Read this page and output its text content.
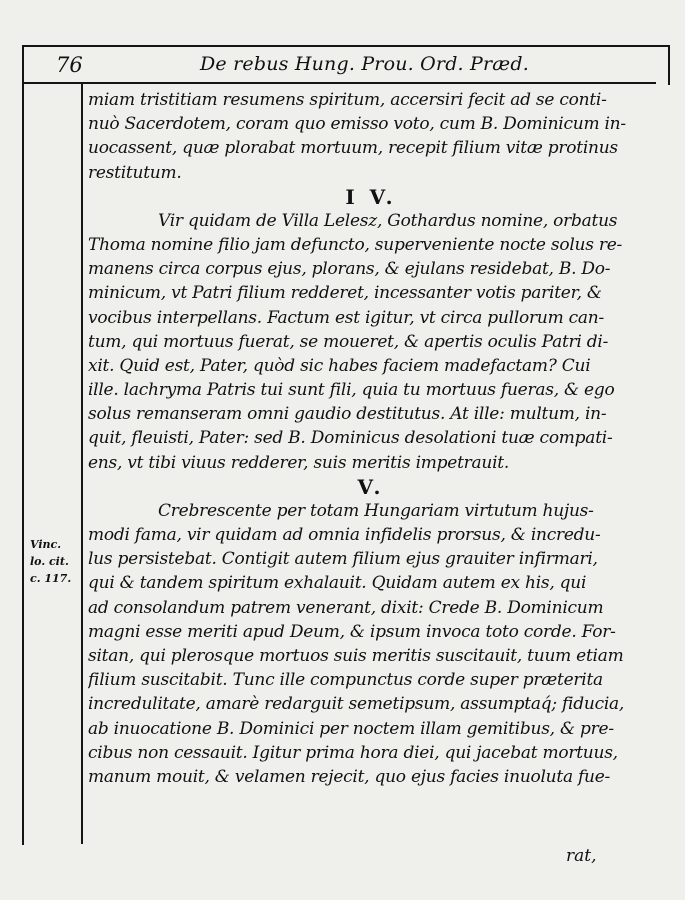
76	De rebus Hung. Prou. Ord. Præd.
Vinc.
lo. cit.
c. 117.
miam tristitiam resumens spiritum, accersiri fecit ad se conti-
nuò Sacerdotem, coram quo emisso voto, cum B. Dominicum in-
uocassent, quæ plorabat mortuum, recepit filium vitæ protinus
restitutum.
I V.
Vir quidam de Villa Lelesz, Gothardus nomine, orbatus
Thoma nomine filio jam defuncto, superveniente nocte solus re-
manens circa corpus ejus, plorans, & ejulans residebat, B. Do-
minicum, vt Patri filium redderet, incessanter votis pariter, &
vocibus interpellans. Factum est igitur, vt circa pullorum can-
tum, qui mortuus fuerat, se moueret, & apertis oculis Patri di-
xit. Quid est, Pater, quòd sic habes faciem madefactam? Cui
ille. lachryma Patris tui sunt fili, quia tu mortuus fueras, & ego
solus remanseram omni gaudio destitutus. At ille: multum, in-
quit, fleuisti, Pater: sed B. Dominicus desolationi tuæ compati-
ens, vt tibi viuus redderer, suis meritis impetrauit.
V.
Crebrescente per totam Hungariam virtutum hujus-
modi fama, vir quidam ad omnia infidelis prorsus, & incredu-
lus persistebat. Contigit autem filium ejus grauiter infirmari,
qui & tandem spiritum exhalauit. Quidam autem ex his, qui
ad consolandum patrem venerant, dixit: Crede B. Dominicum
magni esse meriti apud Deum, & ipsum invoca toto corde. For-
sitan, qui plerosque mortuos suis meritis suscitauit, tuum etiam
filium suscitabit. Tunc ille compunctus corde super præterita
incredulitate, amarè redarguit semetipsum, assumptaq́; fiducia,
ab inuocatione B. Dominici per noctem illam gemitibus, & pre-
cibus non cessauit. Igitur prima hora diei, qui jacebat mortuus,
manum mouit, & velamen rejecit, quo ejus facies inuoluta fue-
rat,
